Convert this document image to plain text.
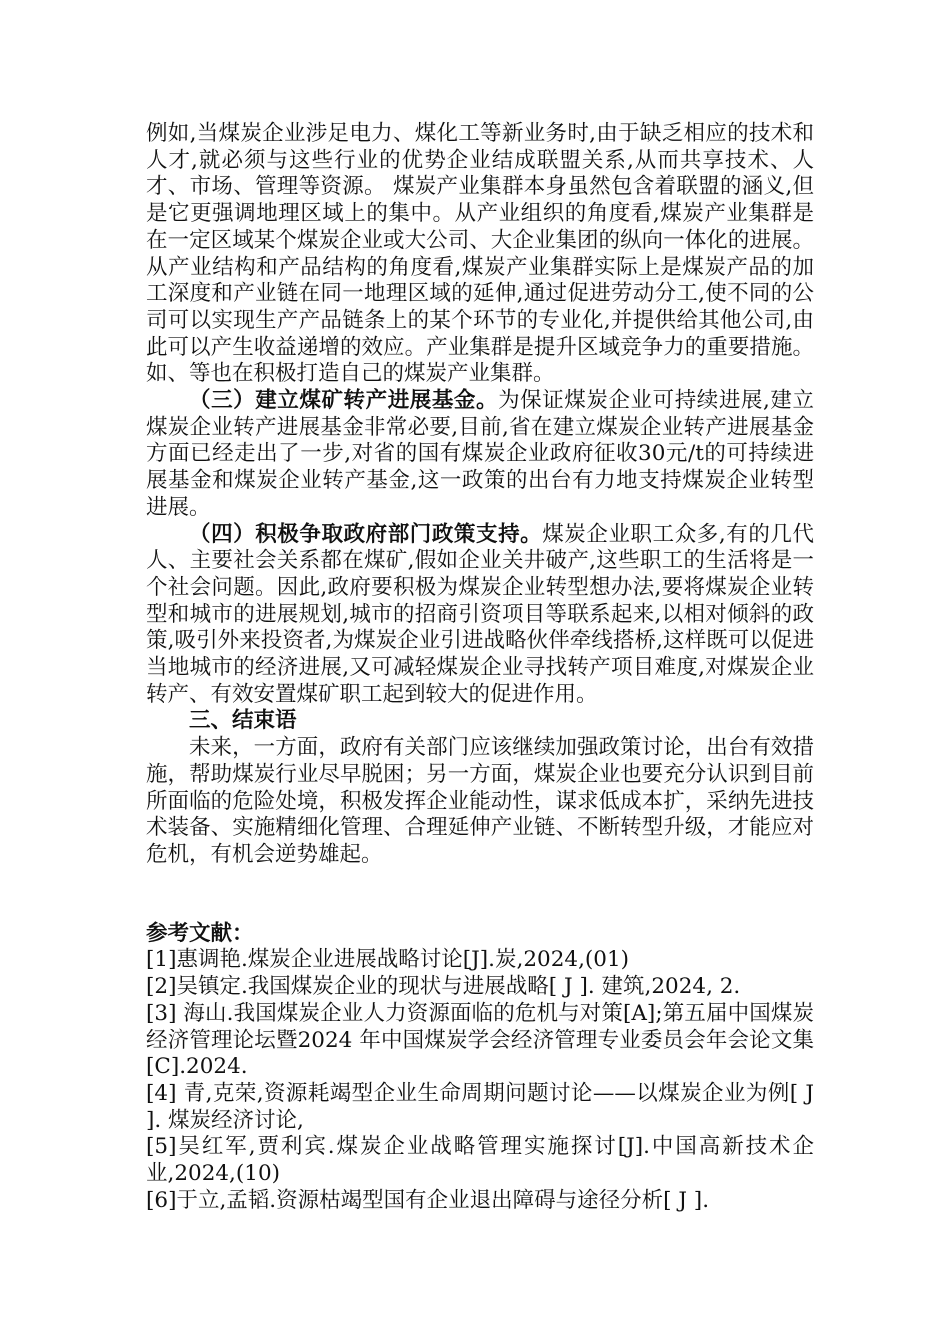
例如,当煤炭企业涉足电力、煤化工等新业务时,由于缺乏相应的技术和人才,就必须与这些行业的优势企业结成联盟关系,从而共享技术、人才、市场、管理等资源。 煤炭产业集群本身虽然包含着联盟的涵义,但是它更强调地理区域上的集中。从产业组织的角度看,煤炭产业集群是在一定区域某个煤炭企业或大公司、大企业集团的纵向一体化的进展。从产业结构和产品结构的角度看,煤炭产业集群实际上是煤炭产品的加工深度和产业链在同一地理区域的延伸,通过促进劳动分工,使不同的公司可以实现生产产品链条上的某个环节的专业化,并提供给其他公司,由此可以产生收益递增的效应。产业集群是提升区域竞争力的重要措施。如、等也在积极打造自己的煤炭产业集群。

（三）建立煤矿转产进展基金。为保证煤炭企业可持续进展,建立煤炭企业转产进展基金非常必要,目前,省在建立煤炭企业转产进展基金方面已经走出了一步,对省的国有煤炭企业政府征收30元/t的可持续进展基金和煤炭企业转产基金,这一政策的出台有力地支持煤炭企业转型进展。

（四）积极争取政府部门政策支持。煤炭企业职工众多,有的几代人、主要社会关系都在煤矿,假如企业关井破产,这些职工的生活将是一个社会问题。因此,政府要积极为煤炭企业转型想办法,要将煤炭企业转型和城市的进展规划,城市的招商引资项目等联系起来,以相对倾斜的政策,吸引外来投资者,为煤炭企业引进战略伙伴牵线搭桥,这样既可以促进当地城市的经济进展,又可减轻煤炭企业寻找转产项目难度,对煤炭企业转产、有效安置煤矿职工起到较大的促进作用。

三、结束语

未来，一方面，政府有关部门应该继续加强政策讨论，出台有效措施，帮助煤炭行业尽早脱困；另一方面，煤炭企业也要充分认识到目前所面临的危险处境，积极发挥企业能动性，谋求低成本扩，采纳先进技术装备、实施精细化管理、合理延伸产业链、不断转型升级，才能应对危机，有机会逆势雄起。

参考文献：

[1]惠调艳.煤炭企业进展战略讨论[J].炭,2024,(01)

[2]吴镇定.我国煤炭企业的现状与进展战略[ J ]. 建筑,2024, 2.

[3] 海山.我国煤炭企业人力资源面临的危机与对策[A];第五届中国煤炭经济管理论坛暨2024 年中国煤炭学会经济管理专业委员会年会论文集[C].2024.

[4] 青,克荣,资源耗竭型企业生命周期问题讨论——以煤炭企业为例[ J ]. 煤炭经济讨论,

[5]吴红军,贾利宾.煤炭企业战略管理实施探讨[J].中国高新技术企业,2024,(10)

[6]于立,孟韬.资源枯竭型国有企业退出障碍与途径分析[ J ].
